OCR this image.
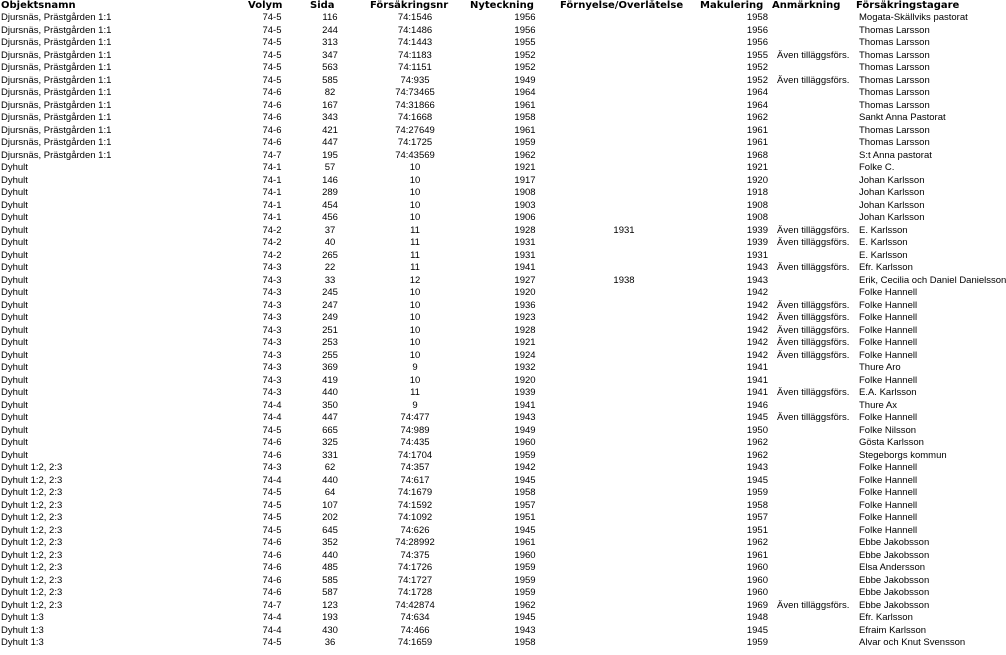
Objektsnamn	Volym	Sida	Försäkringsnr	Nyteckning	Förnyelse/Överlåtelse	Makulering	Anmärkning	Försäkringstagare
Djursnäs, Prästgården 1:1	74-5	116	74:1546	1956		1958		Mogata-Skällviks pastorat
Djursnäs, Prästgården 1:1	74-5	244	74:1486	1956		1956		Thomas Larsson
Djursnäs, Prästgården 1:1	74-5	313	74:1443	1955		1956		Thomas Larsson
Djursnäs, Prästgården 1:1	74-5	347	74:1183	1952		1955	Även tilläggsförs.	Thomas Larsson
Djursnäs, Prästgården 1:1	74-5	563	74:1151	1952		1952		Thomas Larsson
Djursnäs, Prästgården 1:1	74-5	585	74:935	1949		1952	Även tilläggsförs.	Thomas Larsson
Djursnäs, Prästgården 1:1	74-6	82	74:73465	1964		1964		Thomas Larsson
Djursnäs, Prästgården 1:1	74-6	167	74:31866	1961		1964		Thomas Larsson
Djursnäs, Prästgården 1:1	74-6	343	74:1668	1958		1962		Sankt Anna Pastorat
Djursnäs, Prästgården 1:1	74-6	421	74:27649	1961		1961		Thomas Larsson
Djursnäs, Prästgården 1:1	74-6	447	74:1725	1959		1961		Thomas Larsson
Djursnäs, Prästgården 1:1	74-7	195	74:43569	1962		1968		S:t Anna pastorat
Dyhult	74-1	57	10	1921		1921		Folke C.
Dyhult	74-1	146	10	1917		1920		Johan Karlsson
Dyhult	74-1	289	10	1908		1918		Johan Karlsson
Dyhult	74-1	454	10	1903		1908		Johan Karlsson
Dyhult	74-1	456	10	1906		1908		Johan Karlsson
Dyhult	74-2	37	11	1928	1931	1939	Även tilläggsförs.	E. Karlsson
Dyhult	74-2	40	11	1931		1939	Även tilläggsförs.	E. Karlsson
Dyhult	74-2	265	11	1931		1931		E. Karlsson
Dyhult	74-3	22	11	1941		1943	Även tilläggsförs.	Efr. Karlsson
Dyhult	74-3	33	12	1927	1938	1943		Erik, Cecilia och Daniel Danielsson
Dyhult	74-3	245	10	1920		1942		Folke Hannell
Dyhult	74-3	247	10	1936		1942	Även tilläggsförs.	Folke Hannell
Dyhult	74-3	249	10	1923		1942	Även tilläggsförs.	Folke Hannell
Dyhult	74-3	251	10	1928		1942	Även tilläggsförs.	Folke Hannell
Dyhult	74-3	253	10	1921		1942	Även tilläggsförs.	Folke Hannell
Dyhult	74-3	255	10	1924		1942	Även tilläggsförs.	Folke Hannell
Dyhult	74-3	369	9	1932		1941		Thure Aro
Dyhult	74-3	419	10	1920		1941		Folke Hannell
Dyhult	74-3	440	11	1939		1941	Även tilläggsförs.	E.A. Karlsson
Dyhult	74-4	350	9	1941		1946		Thure Ax
Dyhult	74-4	447	74:477	1943		1945	Även tilläggsförs.	Folke Hannell
Dyhult	74-5	665	74:989	1949		1950		Folke Nilsson
Dyhult	74-6	325	74:435	1960		1962		Gösta Karlsson
Dyhult	74-6	331	74:1704	1959		1962		Stegeborgs kommun
Dyhult 1:2, 2:3	74-3	62	74:357	1942		1943		Folke Hannell
Dyhult 1:2, 2:3	74-4	440	74:617	1945		1945		Folke Hannell
Dyhult 1:2, 2:3	74-5	64	74:1679	1958		1959		Folke Hannell
Dyhult 1:2, 2:3	74-5	107	74:1592	1957		1958		Folke Hannell
Dyhult 1:2, 2:3	74-5	202	74:1092	1951		1957		Folke Hannell
Dyhult 1:2, 2:3	74-5	645	74:626	1945		1951		Folke Hannell
Dyhult 1:2, 2:3	74-6	352	74:28992	1961		1962		Ebbe Jakobsson
Dyhult 1:2, 2:3	74-6	440	74:375	1960		1961		Ebbe Jakobsson
Dyhult 1:2, 2:3	74-6	485	74:1726	1959		1960		Elsa Andersson
Dyhult 1:2, 2:3	74-6	585	74:1727	1959		1960		Ebbe Jakobsson
Dyhult 1:2, 2:3	74-6	587	74:1728	1959		1960		Ebbe Jakobsson
Dyhult 1:2, 2:3	74-7	123	74:42874	1962		1969	Även tilläggsförs.	Ebbe Jakobsson
Dyhult 1:3	74-4	193	74:634	1945		1948		Efr. Karlsson
Dyhult 1:3	74-4	430	74:466	1943		1945		Efraim Karlsson
Dyhult 1:3	74-5	36	74:1659	1958		1959		Alvar och Knut Svensson
